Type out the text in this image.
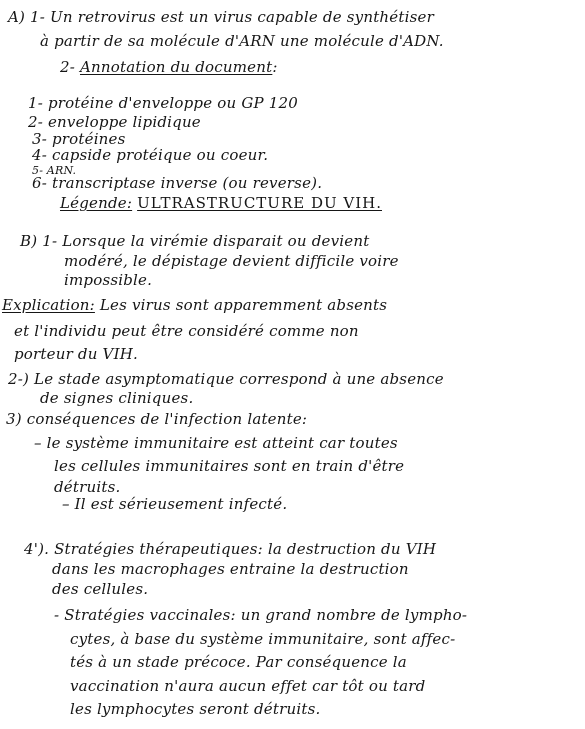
A) 1- Un retrovirus est un virus capable de synthétiser
à partir de sa molécule d'ARN une molécule d'ADN.
2- Annotation du document:
1- protéine d'enveloppe ou GP 120
2- enveloppe lipidique
3- protéines
4- capside protéique ou coeur.
5- ARN.
6- transcriptase inverse (ou reverse).
Légende: ULTRASTRUCTURE DU VIH.
B) 1- Lorsque la virémie disparait ou devient
modéré, le dépistage devient difficile voire
impossible.
Explication: Les virus sont apparemment absents
et l'individu peut être considéré comme non
porteur du VIH.
2-) Le stade asymptomatique correspond à une absence
de signes cliniques.
3) conséquences de l'infection latente:
– le système immunitaire est atteint car toutes
les cellules immunitaires sont en train d'être
détruits.
– Il est sérieusement infecté.
4'). Stratégies thérapeutiques: la destruction du VIH
dans les macrophages entraine la destruction
des cellules.
- Stratégies vaccinales: un grand nombre de lympho-
cytes, à base du système immunitaire, sont affec-
tés à un stade précoce. Par conséquence la
vaccination n'aura aucun effet car tôt ou tard
les lymphocytes seront détruits.
